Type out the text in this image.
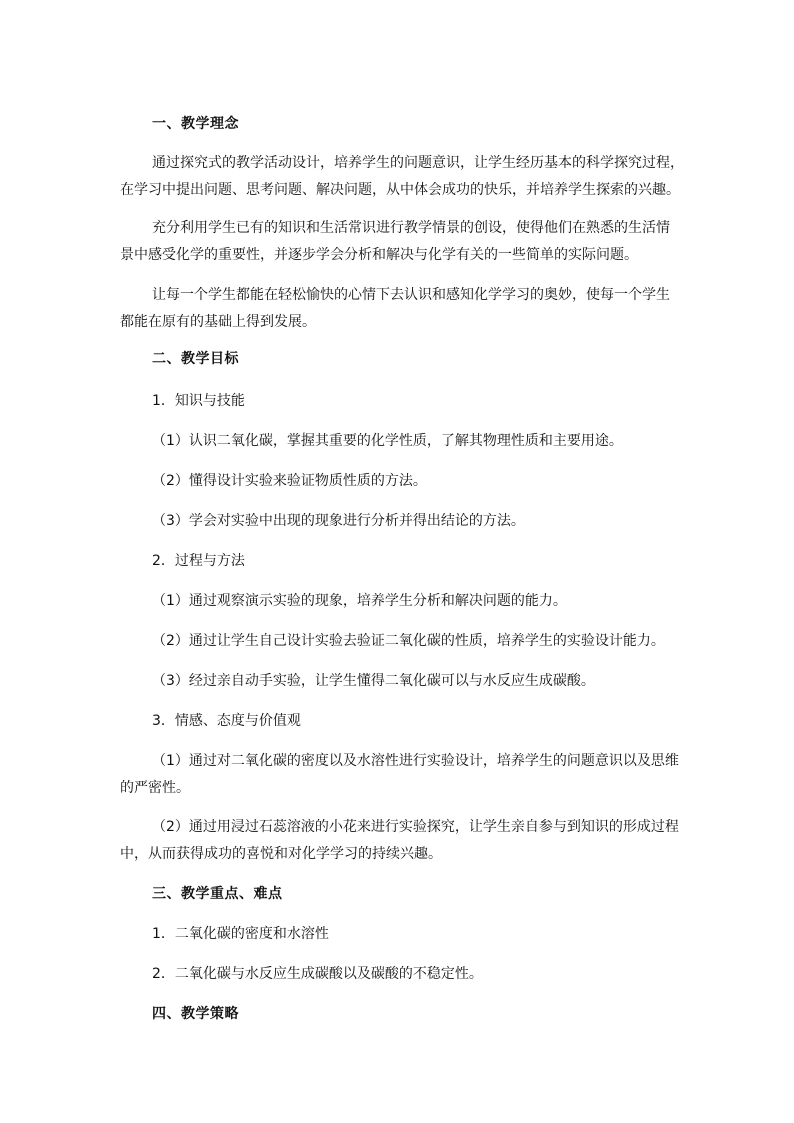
一、教学理念
通过探究式的教学活动设计，培养学生的问题意识，让学生经历基本的科学探究过程，
在学习中提出问题、思考问题、解决问题，从中体会成功的快乐，并培养学生探索的兴趣。
充分利用学生已有的知识和生活常识进行教学情景的创设，使得他们在熟悉的生活情
景中感受化学的重要性，并逐步学会分析和解决与化学有关的一些简单的实际问题。
让每一个学生都能在轻松愉快的心情下去认识和感知化学学习的奥妙，使每一个学生
都能在原有的基础上得到发展。
二、教学目标
1．知识与技能
（1）认识二氧化碳，掌握其重要的化学性质，了解其物理性质和主要用途。
（2）懂得设计实验来验证物质性质的方法。
（3）学会对实验中出现的现象进行分析并得出结论的方法。
2．过程与方法
（1）通过观察演示实验的现象，培养学生分析和解决问题的能力。
（2）通过让学生自己设计实验去验证二氧化碳的性质，培养学生的实验设计能力。
（3）经过亲自动手实验，让学生懂得二氧化碳可以与水反应生成碳酸。
3．情感、态度与价值观
（1）通过对二氧化碳的密度以及水溶性进行实验设计，培养学生的问题意识以及思维
的严密性。
（2）通过用浸过石蕊溶液的小花来进行实验探究，让学生亲自参与到知识的形成过程
中，从而获得成功的喜悦和对化学学习的持续兴趣。
三、教学重点、难点
1．二氧化碳的密度和水溶性
2．二氧化碳与水反应生成碳酸以及碳酸的不稳定性。
四、教学策略
